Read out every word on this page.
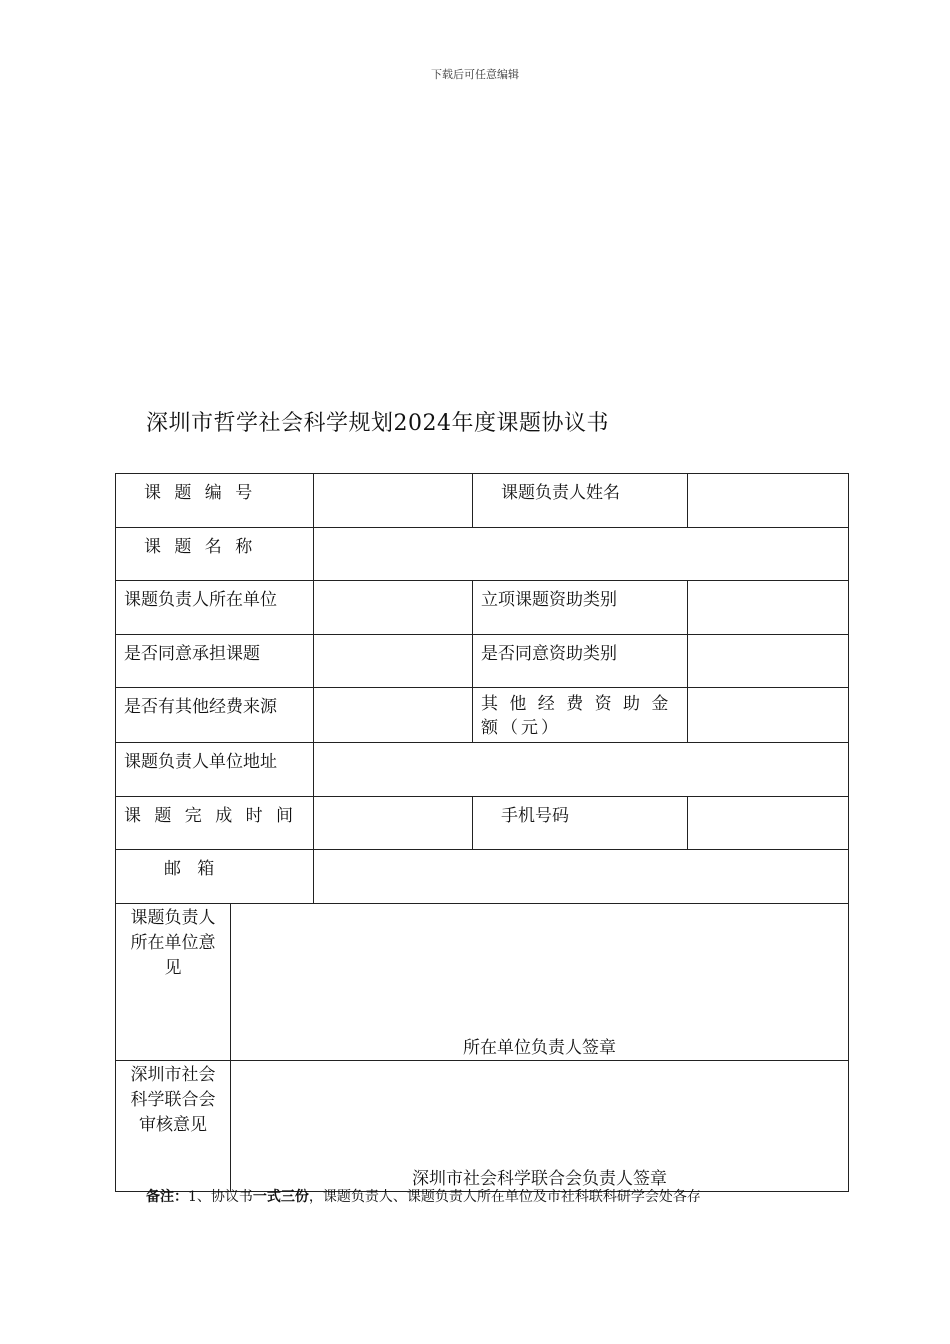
下载后可任意编辑
深圳市哲学社会科学规划2024年度课题协议书
课 题 编 号			课题负责人姓名	
课 题 名 称				
课题负责人所在单位			立项课题资助类别	
是否同意承担课题			是否同意资助类别	
是否有其他经费来源			其 他 经 费 资 助 金 额（元）	
课题负责人单位地址				
课 题 完 成 时 间			手机号码	
邮   箱				
课题负责人所在单位意见	所在单位负责人签章			

深圳市社会科学联合会审核意见	深圳市社会科学联合会负责人签章			
备注：1、协议书一式三份，课题负责人、课题负责人所在单位及市社科联科研学会处各存
